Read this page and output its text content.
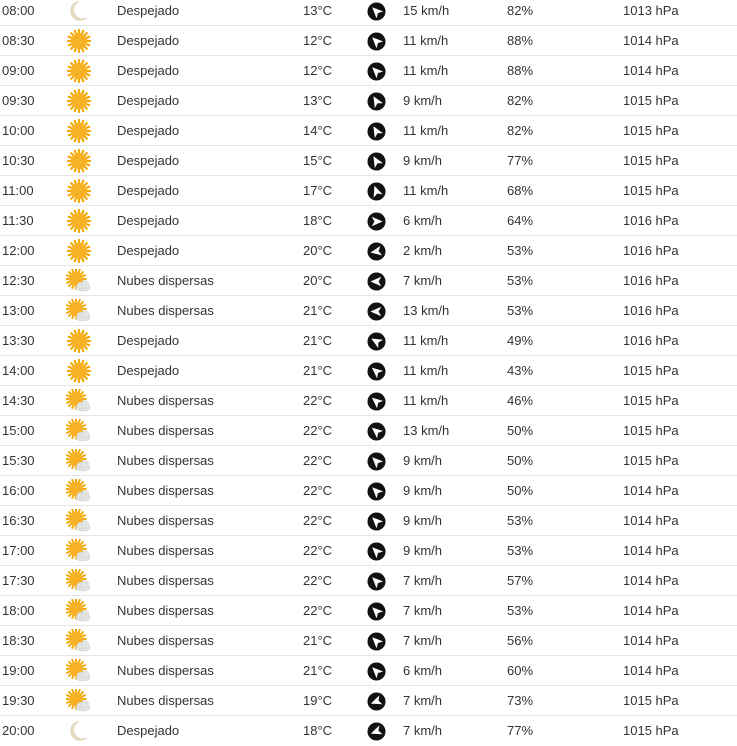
08:00	Despejado	13°C	15 km/h	82%	1013 hPa
08:30	Despejado	12°C	11 km/h	88%	1014 hPa
09:00	Despejado	12°C	11 km/h	88%	1014 hPa
09:30	Despejado	13°C	9 km/h	82%	1015 hPa
10:00	Despejado	14°C	11 km/h	82%	1015 hPa
10:30	Despejado	15°C	9 km/h	77%	1015 hPa
11:00	Despejado	17°C	11 km/h	68%	1015 hPa
11:30	Despejado	18°C	6 km/h	64%	1016 hPa
12:00	Despejado	20°C	2 km/h	53%	1016 hPa
12:30	Nubes dispersas	20°C	7 km/h	53%	1016 hPa
13:00	Nubes dispersas	21°C	13 km/h	53%	1016 hPa
13:30	Despejado	21°C	11 km/h	49%	1016 hPa
14:00	Despejado	21°C	11 km/h	43%	1015 hPa
14:30	Nubes dispersas	22°C	11 km/h	46%	1015 hPa
15:00	Nubes dispersas	22°C	13 km/h	50%	1015 hPa
15:30	Nubes dispersas	22°C	9 km/h	50%	1015 hPa
16:00	Nubes dispersas	22°C	9 km/h	50%	1014 hPa
16:30	Nubes dispersas	22°C	9 km/h	53%	1014 hPa
17:00	Nubes dispersas	22°C	9 km/h	53%	1014 hPa
17:30	Nubes dispersas	22°C	7 km/h	57%	1014 hPa
18:00	Nubes dispersas	22°C	7 km/h	53%	1014 hPa
18:30	Nubes dispersas	21°C	7 km/h	56%	1014 hPa
19:00	Nubes dispersas	21°C	6 km/h	60%	1014 hPa
19:30	Nubes dispersas	19°C	7 km/h	73%	1015 hPa
20:00	Despejado	18°C	7 km/h	77%	1015 hPa
